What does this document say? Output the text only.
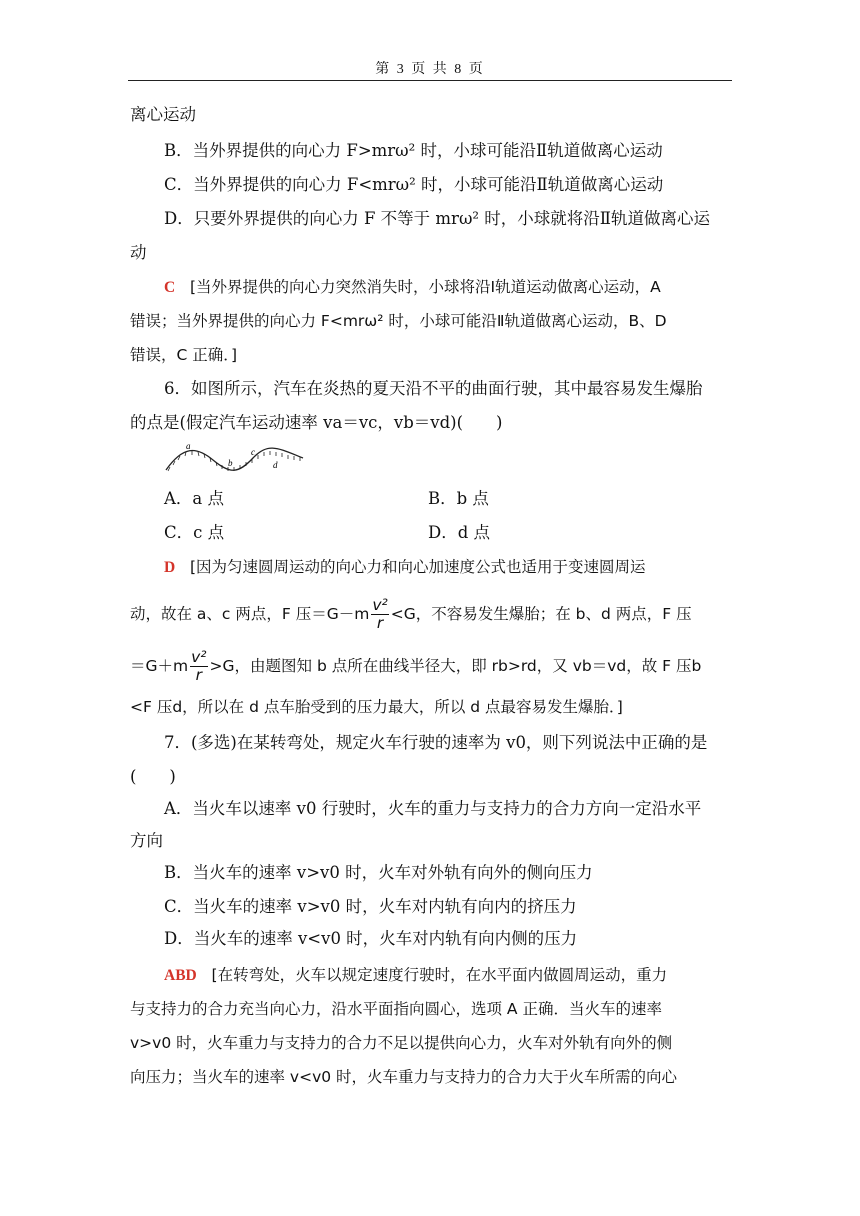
第 3 页 共 8 页
离心运动
B．当外界提供的向心力 F>mrω² 时，小球可能沿Ⅱ轨道做离心运动
C．当外界提供的向心力 F<mrω² 时，小球可能沿Ⅱ轨道做离心运动
D．只要外界提供的向心力 F 不等于 mrω² 时，小球就将沿Ⅱ轨道做离心运
动
C [当外界提供的向心力突然消失时，小球将沿Ⅰ轨道运动做离心运动，A
错误；当外界提供的向心力 F<mrω² 时，小球可能沿Ⅱ轨道做离心运动，B、D
错误，C 正确．]
6．如图所示，汽车在炎热的夏天沿不平的曲面行驶，其中最容易发生爆胎
的点是(假定汽车运动速率 va＝vc，vb＝vd)(　　)
a
b
c
d
A．a 点	B．b 点
C．c 点	D．d 点
D [因为匀速圆周运动的向心力和向心加速度公式也适用于变速圆周运
动，故在 a、c 两点，F 压$=G-m \frac{\text{v²}}{r} <G$，不容易发生爆胎；在 b、d 两点，F 压
$=G+m \frac{\text{v²}}{r} >G$，由题图知 b 点所在曲线半径大，即 rb>rd，又 vb＝vd，故 F 压b
<F 压d，所以在 d 点车胎受到的压力最大，所以 d 点最容易发生爆胎．]
7．(多选)在某转弯处，规定火车行驶的速率为 v0，则下列说法中正确的是
(　　)
A．当火车以速率 v0 行驶时，火车的重力与支持力的合力方向一定沿水平
方向
B．当火车的速率 v>v0 时，火车对外轨有向外的侧向压力
C．当火车的速率 v>v0 时，火车对内轨有向内的挤压力
D．当火车的速率 v<v0 时，火车对内轨有向内侧的压力
ABD [在转弯处，火车以规定速度行驶时，在水平面内做圆周运动，重力
与支持力的合力充当向心力，沿水平面指向圆心，选项 A 正确．当火车的速率
v>v0 时，火车重力与支持力的合力不足以提供向心力，火车对外轨有向外的侧
向压力；当火车的速率 v<v0 时，火车重力与支持力的合力大于火车所需的向心
